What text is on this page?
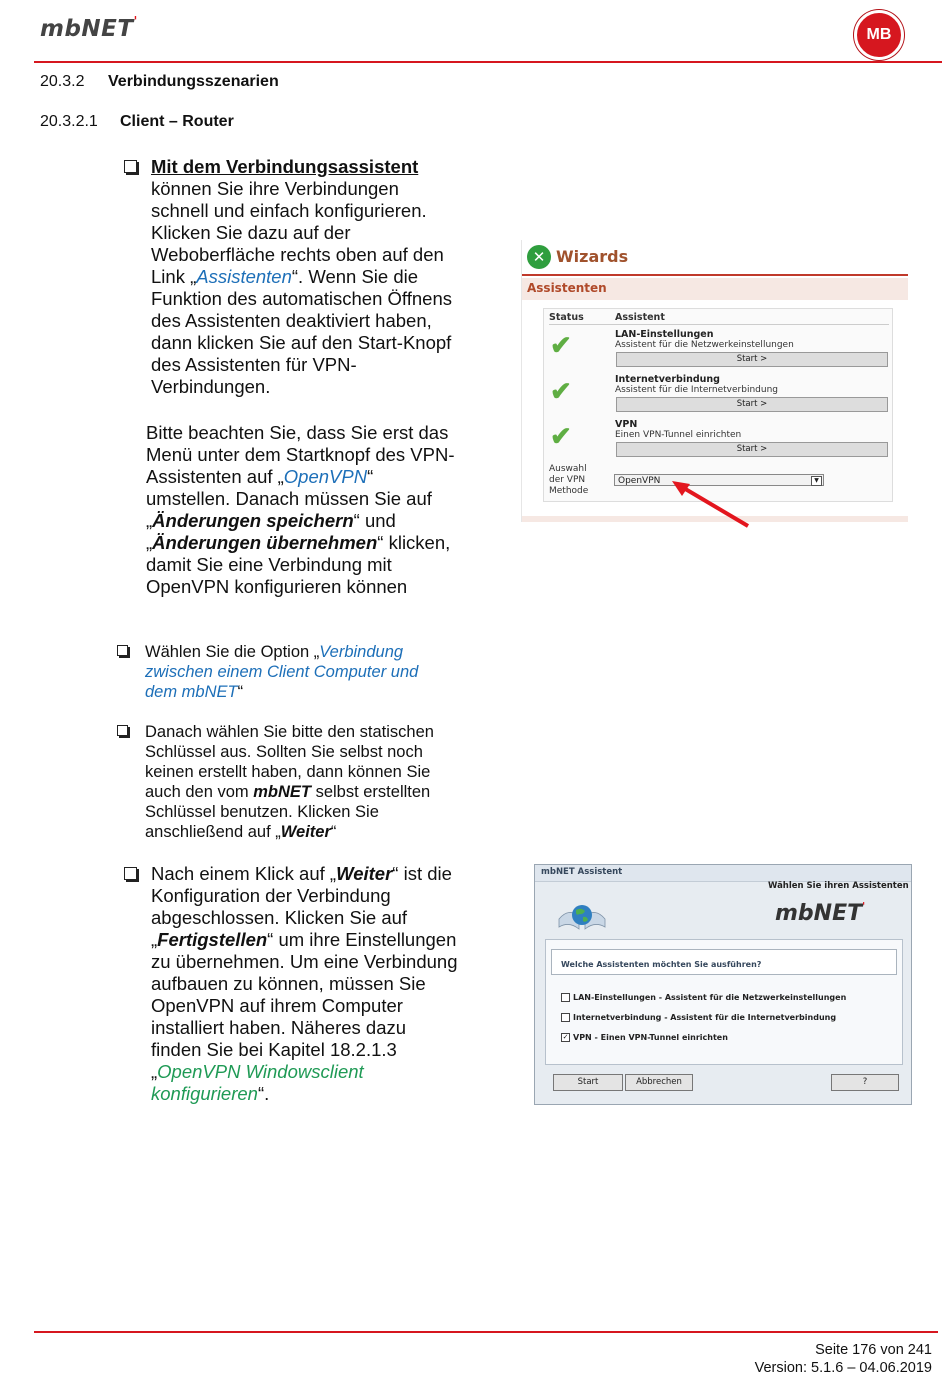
mbNET'
MB
20.3.2 Verbindungsszenarien
20.3.2.1 Client – Router
Mit dem Verbindungsassistent
können Sie ihre Verbindungen
schnell und einfach konfigurieren.
Klicken Sie dazu auf der
Weboberfläche rechts oben auf den
Link „Assistenten“. Wenn Sie die
Funktion des automatischen Öffnens
des Assistenten deaktiviert haben,
dann klicken Sie auf den Start-Knopf
des Assistenten für VPN-
Verbindungen.
Bitte beachten Sie, dass Sie erst das
Menü unter dem Startknopf des VPN-
Assistenten auf „OpenVPN“
umstellen. Danach müssen Sie auf
„Änderungen speichern“ und
„Änderungen übernehmen“ klicken,
damit Sie eine Verbindung mit
OpenVPN konfigurieren können
Wählen Sie die Option „Verbindung
zwischen einem Client Computer und
dem mbNET“
Danach wählen Sie bitte den statischen
Schlüssel aus. Sollten Sie selbst noch
keinen erstellt haben, dann können Sie
auch den vom mbNET selbst erstellten
Schlüssel benutzen. Klicken Sie
anschließend auf „Weiter“
Nach einem Klick auf „Weiter“ ist die
Konfiguration der Verbindung
abgeschlossen. Klicken Sie auf
„Fertigstellen“ um ihre Einstellungen
zu übernehmen. Um eine Verbindung
aufbauen zu können, müssen Sie
OpenVPN auf ihrem Computer
installiert haben. Näheres dazu
finden Sie bei Kapitel 18.2.1.3
„OpenVPN Windowsclient
konfigurieren“.
✕ Wizards
Assistenten
Status	Assistent
✔	LAN-Einstellungen
Assistent für die Netzwerkeinstellungen
Start >
✔	Internetverbindung
Assistent für die Internetverbindung
Start >
✔	VPN
Einen VPN-Tunnel einrichten
Start >
Auswahl
der VPN
Methode
OpenVPN	▼
mbNET Assistent
Wählen Sie ihren Assistenten
mbNET'
Welche Assistenten möchten Sie ausführen?
LAN-Einstellungen - Assistent für die Netzwerkeinstellungen
Internetverbindung - Assistent für die Internetverbindung
✓ VPN - Einen VPN-Tunnel einrichten
Start	Abbrechen	?
Seite 176 von 241
Version: 5.1.6 – 04.06.2019
